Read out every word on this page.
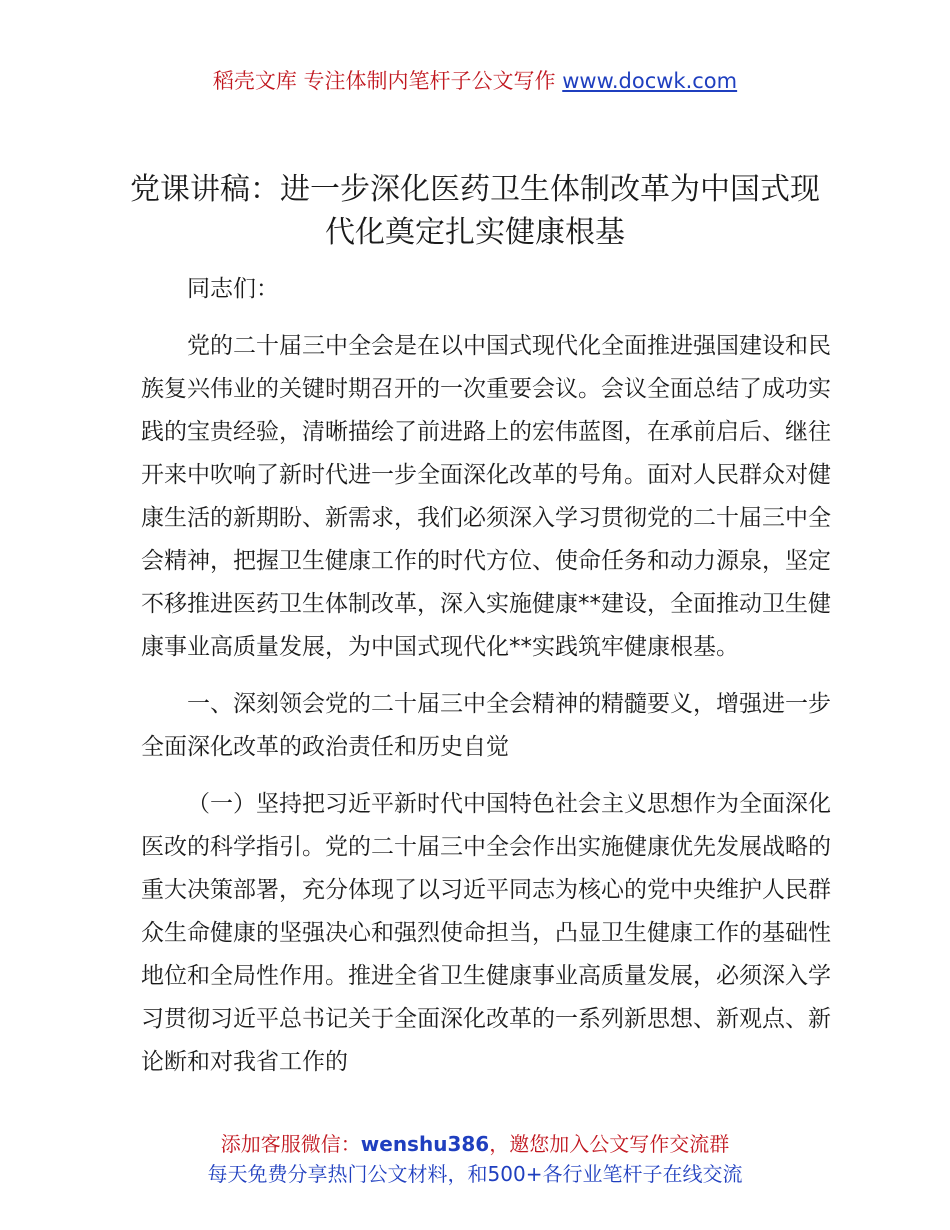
稻壳文库 专注体制内笔杆子公文写作 www.docwk.com
党课讲稿：进一步深化医药卫生体制改革为中国式现代化奠定扎实健康根基

同志们：

党的二十届三中全会是在以中国式现代化全面推进强国建设和民族复兴伟业的关键时期召开的一次重要会议。会议全面总结了成功实践的宝贵经验，清晰描绘了前进路上的宏伟蓝图，在承前启后、继往开来中吹响了新时代进一步全面深化改革的号角。面对人民群众对健康生活的新期盼、新需求，我们必须深入学习贯彻党的二十届三中全会精神，把握卫生健康工作的时代方位、使命任务和动力源泉，坚定不移推进医药卫生体制改革，深入实施健康**建设，全面推动卫生健康事业高质量发展，为中国式现代化**实践筑牢健康根基。

一、深刻领会党的二十届三中全会精神的精髓要义，增强进一步全面深化改革的政治责任和历史自觉

（一）坚持把习近平新时代中国特色社会主义思想作为全面深化医改的科学指引。党的二十届三中全会作出实施健康优先发展战略的重大决策部署，充分体现了以习近平同志为核心的党中央维护人民群众生命健康的坚强决心和强烈使命担当，凸显卫生健康工作的基础性地位和全局性作用。推进全省卫生健康事业高质量发展，必须深入学习贯彻习近平总书记关于全面深化改革的一系列新思想、新观点、新论断和对我省工作的

添加客服微信：wenshu386，邀您加入公文写作交流群
每天免费分享热门公文材料，和500+各行业笔杆子在线交流
